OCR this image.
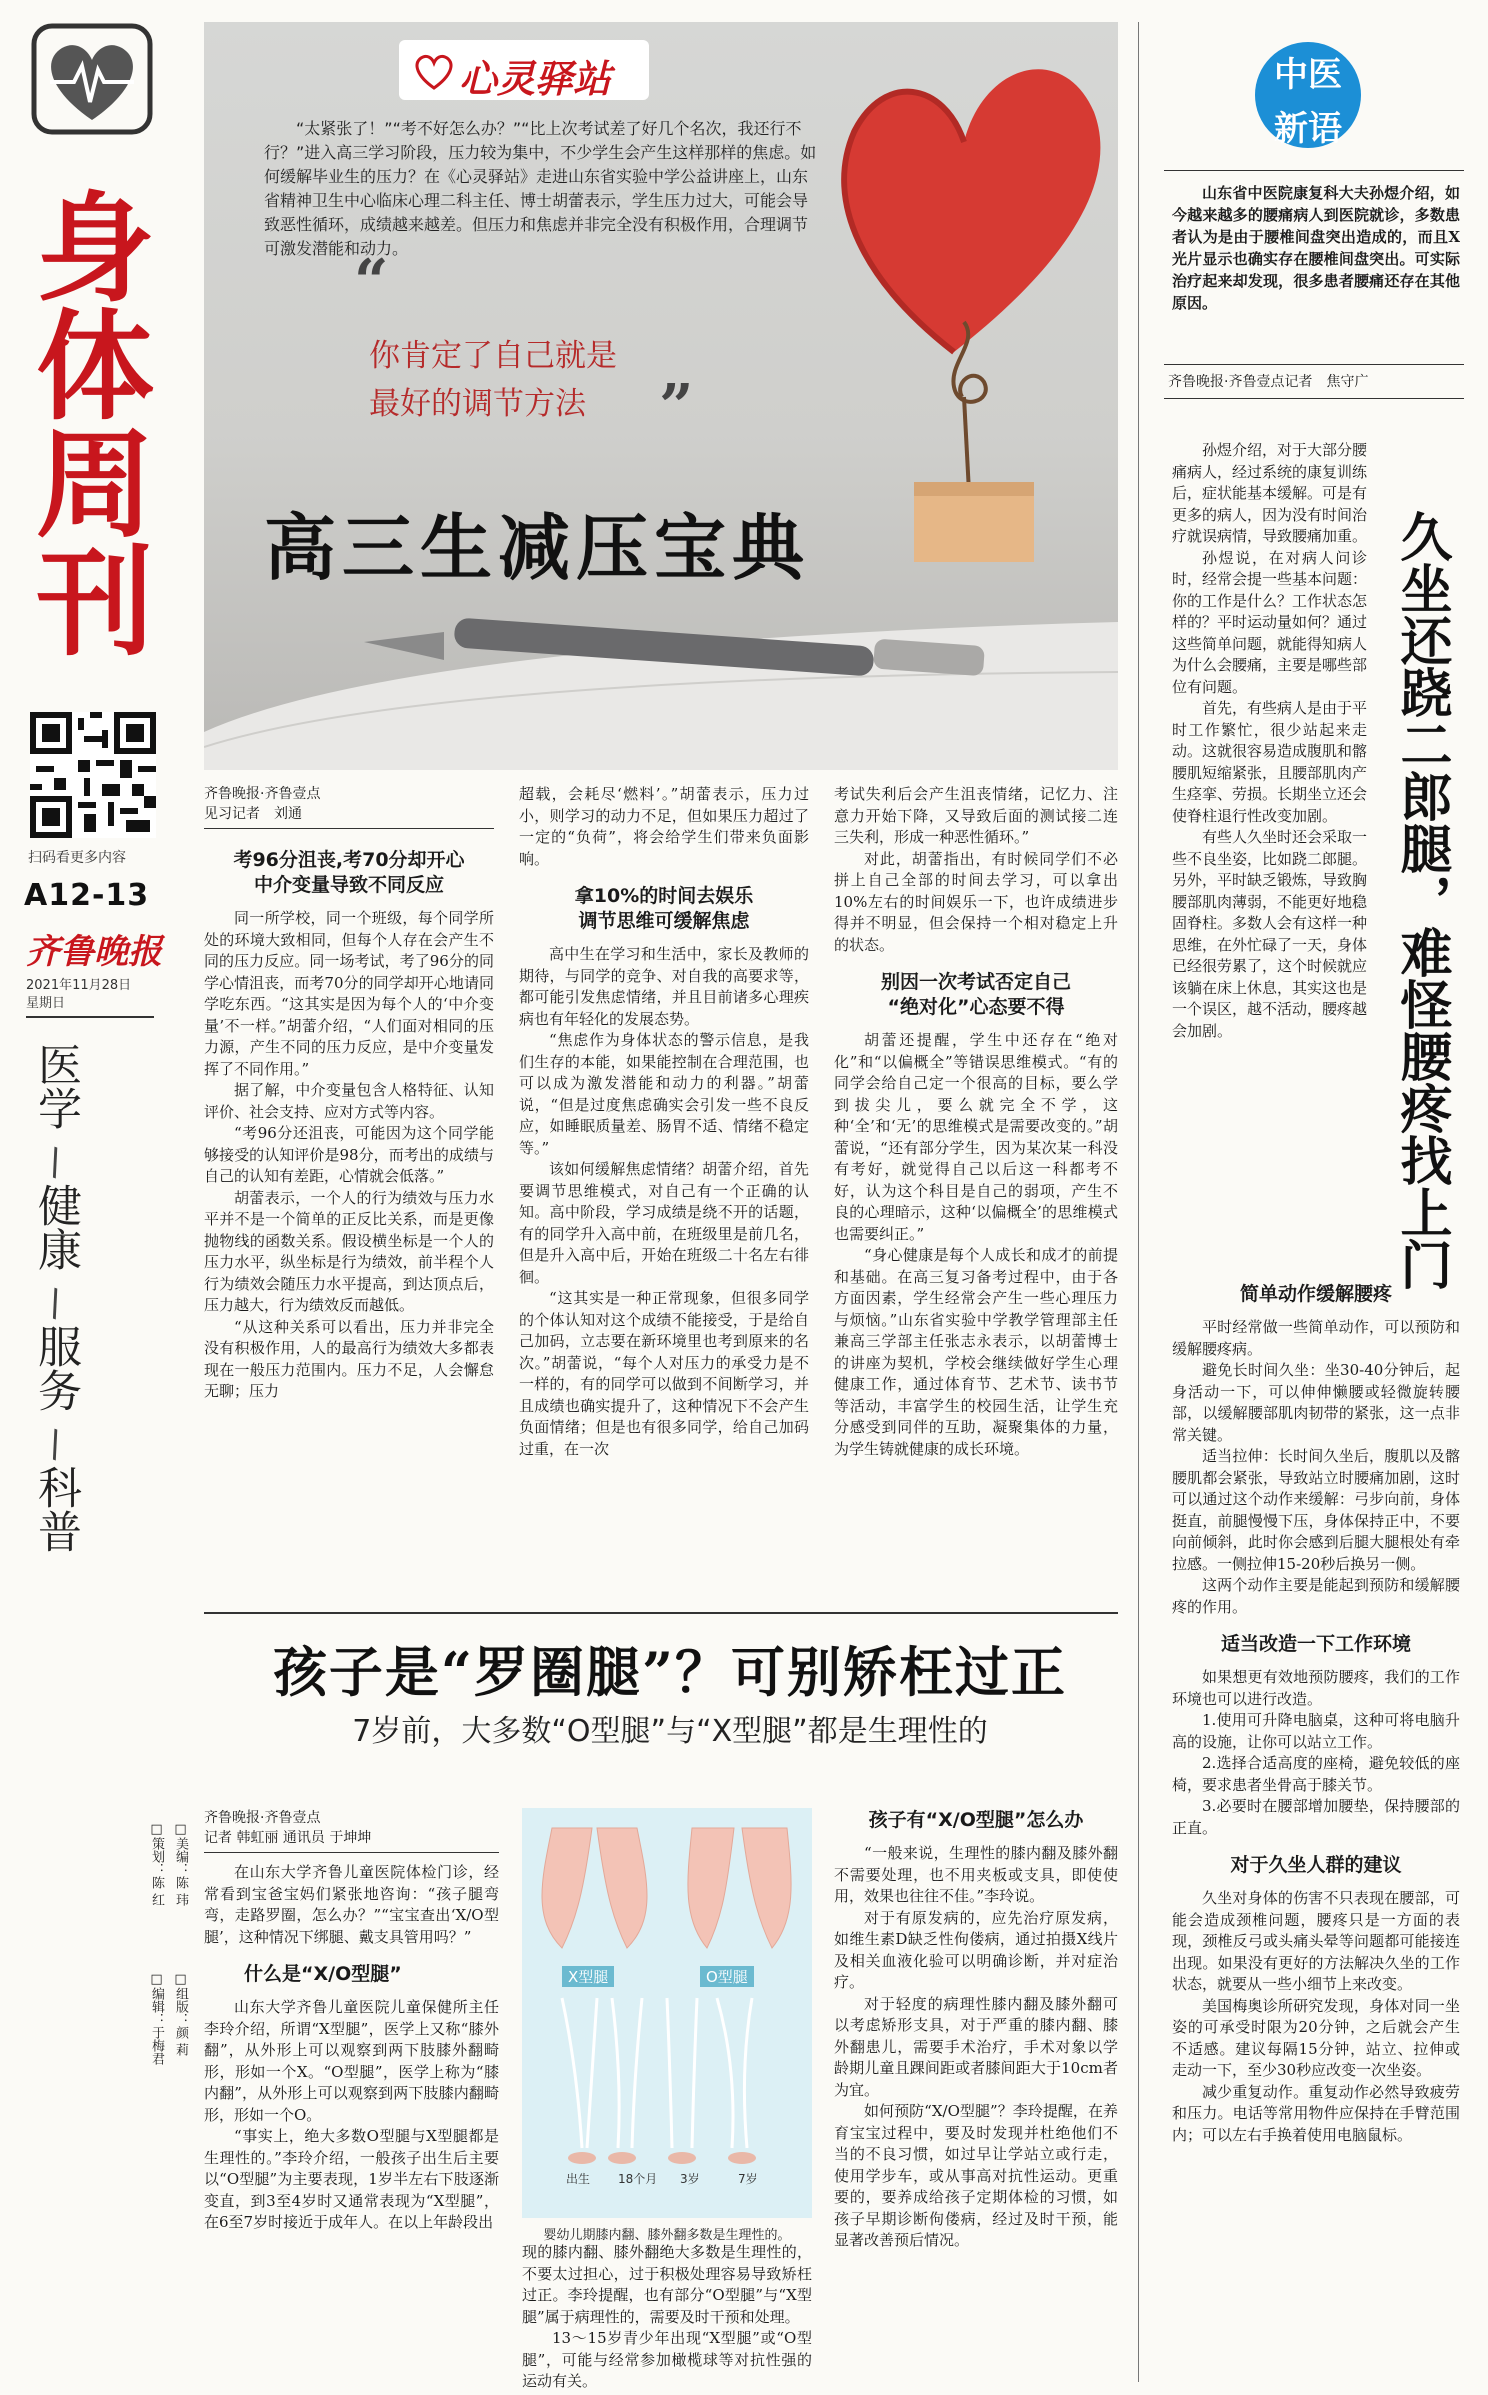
身体周刊
扫码看更多内容
A12-13
齐鲁晚报
2021年11月28日
星期日
医学
\
健康
\
服务
\
科普
□美编：陈 玮
□组版：颜 莉
□策划：陈 红
□编辑：于梅君
心灵驿站
“太紧张了！”“考不好怎么办？”“比上次考试差了好几个名次，我还行不行？”进入高三学习阶段，压力较为集中，不少学生会产生这样那样的焦虑。如何缓解毕业生的压力？在《心灵驿站》走进山东省实验中学公益讲座上，山东省精神卫生中心临床心理二科主任、博士胡蕾表示，学生压力过大，可能会导致恶性循环，成绩越来越差。但压力和焦虑并非完全没有积极作用，合理调节可激发潜能和动力。
“
你肯定了自己就是
最好的调节方法	”
高三生减压宝典
齐鲁晚报·齐鲁壹点
见习记者　刘通
考96分沮丧,考70分却开心
中介变量导致不同反应

同一所学校，同一个班级，每个同学所处的环境大致相同，但每个人存在会产生不同的压力反应。同一场考试，考了96分的同学心情沮丧，而考70分的同学却开心地请同学吃东西。“这其实是因为每个人的‘中介变量’不一样。”胡蕾介绍，“人们面对相同的压力源，产生不同的压力反应，是中介变量发挥了不同作用。”

据了解，中介变量包含人格特征、认知评价、社会支持、应对方式等内容。

“考96分还沮丧，可能因为这个同学能够接受的认知评价是98分，而考出的成绩与自己的认知有差距，心情就会低落。”

胡蕾表示，一个人的行为绩效与压力水平并不是一个简单的正反比关系，而是更像抛物线的函数关系。假设横坐标是一个人的压力水平，纵坐标是行为绩效，前半程个人行为绩效会随压力水平提高，到达顶点后，压力越大，行为绩效反而越低。

“从这种关系可以看出，压力并非完全没有积极作用，人的最高行为绩效大多都表现在一般压力范围内。压力不足，人会懈怠无聊；压力

超载，会耗尽‘燃料’。”胡蕾表示，压力过小，则学习的动力不足，但如果压力超过了一定的“负荷”，将会给学生们带来负面影响。

拿10%的时间去娱乐
调节思维可缓解焦虑

高中生在学习和生活中，家长及教师的期待，与同学的竞争、对自我的高要求等，都可能引发焦虑情绪，并且目前诸多心理疾病也有年轻化的发展态势。

“焦虑作为身体状态的警示信息，是我们生存的本能，如果能控制在合理范围，也可以成为激发潜能和动力的利器。”胡蕾说，“但是过度焦虑确实会引发一些不良反应，如睡眠质量差、肠胃不适、情绪不稳定等。”

该如何缓解焦虑情绪？胡蕾介绍，首先要调节思维模式，对自己有一个正确的认知。高中阶段，学习成绩是绕不开的话题，有的同学升入高中前，在班级里是前几名，但是升入高中后，开始在班级二十名左右徘徊。

“这其实是一种正常现象，但很多同学的个体认知对这个成绩不能接受，于是给自己加码，立志要在新环境里也考到原来的名次。”胡蕾说，“每个人对压力的承受力是不一样的，有的同学可以做到不间断学习，并且成绩也确实提升了，这种情况下不会产生负面情绪；但是也有很多同学，给自己加码过重，在一次

考试失利后会产生沮丧情绪，记忆力、注意力开始下降，又导致后面的测试接二连三失利，形成一种恶性循环。”

对此，胡蕾指出，有时候同学们不必拼上自己全部的时间去学习，可以拿出10%左右的时间娱乐一下，也许成绩进步得并不明显，但会保持一个相对稳定上升的状态。

别因一次考试否定自己
“绝对化”心态要不得

胡蕾还提醒，学生中还存在“绝对化”和“以偏概全”等错误思维模式。“有的同学会给自己定一个很高的目标，要么学到拔尖儿，要么就完全不学，这种‘全’和‘无’的思维模式是需要改变的。”胡蕾说，“还有部分学生，因为某次某一科没有考好，就觉得自己以后这一科都考不好，认为这个科目是自己的弱项，产生不良的心理暗示，这种‘以偏概全’的思维模式也需要纠正。”

“身心健康是每个人成长和成才的前提和基础。在高三复习备考过程中，由于各方面因素，学生经常会产生一些心理压力与烦恼。”山东省实验中学教学管理部主任兼高三学部主任张志永表示，以胡蕾博士的讲座为契机，学校会继续做好学生心理健康工作，通过体育节、艺术节、读书节等活动，丰富学生的校园生活，让学生充分感受到同伴的互助，凝聚集体的力量，为学生铸就健康的成长环境。

孩子是“罗圈腿”？可别矫枉过正
7岁前，大多数“O型腿”与“X型腿”都是生理性的
齐鲁晚报·齐鲁壹点
记者 韩虹丽 通讯员 于坤坤

在山东大学齐鲁儿童医院体检门诊，经常看到宝爸宝妈们紧张地咨询：“孩子腿弯弯，走路罗圈，怎么办？”“宝宝查出‘X/O型腿’，这种情况下绑腿、戴支具管用吗？”

什么是“X/O型腿”

山东大学齐鲁儿童医院儿童保健所主任李玲介绍，所谓“X型腿”，医学上又称“膝外翻”，从外形上可以观察到两下肢膝外翻畸形，形如一个X。“O型腿”，医学上称为“膝内翻”，从外形上可以观察到两下肢膝内翻畸形，形如一个O。

“事实上，绝大多数O型腿与X型腿都是生理性的。”李玲介绍，一般孩子出生后主要以“O型腿”为主要表现，1岁半左右下肢逐渐变直，到3至4岁时又通常表现为“X型腿”，在6至7岁时接近于成年人。在以上年龄段出

X型腿	O型腿
出生 18个月 3岁	7岁
婴幼儿期膝内翻、膝外翻多数是生理性的。

现的膝内翻、膝外翻绝大多数是生理性的，不要太过担心，过于积极处理容易导致矫枉过正。李玲提醒，也有部分“O型腿”与“X型腿”属于病理性的，需要及时干预和处理。

13～15岁青少年出现“X型腿”或“O型腿”，可能与经常参加橄榄球等对抗性强的运动有关。

孩子有“X/O型腿”怎么办

“一般来说，生理性的膝内翻及膝外翻不需要处理，也不用夹板或支具，即使使用，效果也往往不佳。”李玲说。

对于有原发病的，应先治疗原发病，如维生素D缺乏性佝偻病，通过拍摄X线片及相关血液化验可以明确诊断，并对症治疗。

对于轻度的病理性膝内翻及膝外翻可以考虑矫形支具，对于严重的膝内翻、膝外翻患儿，需要手术治疗，手术对象以学龄期儿童且踝间距或者膝间距大于10cm者为宜。

如何预防“X/O型腿”？李玲提醒，在养育宝宝过程中，要及时发现并杜绝他们不当的不良习惯，如过早让学站立或行走，使用学步车，或从事高对抗性运动。更重要的，要养成给孩子定期体检的习惯，如孩子早期诊断佝偻病，经过及时干预，能显著改善预后情况。

中医
新语

山东省中医院康复科大夫孙煜介绍，如今越来越多的腰痛病人到医院就诊，多数患者认为是由于腰椎间盘突出造成的，而且X光片显示也确实存在腰椎间盘突出。可实际治疗起来却发现，很多患者腰痛还存在其他原因。

齐鲁晚报·齐鲁壹点记者　焦守广
久坐还跷二郎腿，难怪腰疼找上门

孙煜介绍，对于大部分腰痛病人，经过系统的康复训练后，症状能基本缓解。可是有更多的病人，因为没有时间治疗就误病情，导致腰痛加重。

孙煜说，在对病人问诊时，经常会提一些基本问题：你的工作是什么？工作状态怎样的？平时运动量如何？通过这些简单问题，就能得知病人为什么会腰痛，主要是哪些部位有问题。

首先，有些病人是由于平时工作繁忙，很少站起来走动。这就很容易造成腹肌和髂腰肌短缩紧张，且腰部肌肉产生痉挛、劳损。长期坐立还会使脊柱退行性改变加剧。

有些人久坐时还会采取一些不良坐姿，比如跷二郎腿。另外，平时缺乏锻炼，导致胸腰部肌肉薄弱，不能更好地稳固脊柱。多数人会有这样一种思维，在外忙碌了一天，身体已经很劳累了，这个时候就应该躺在床上休息，其实这也是一个误区，越不活动，腰疼越会加剧。

简单动作缓解腰疼

平时经常做一些简单动作，可以预防和缓解腰疼病。

避免长时间久坐：坐30-40分钟后，起身活动一下，可以伸伸懒腰或轻微旋转腰部，以缓解腰部肌肉韧带的紧张，这一点非常关键。

适当拉伸：长时间久坐后，腹肌以及髂腰肌都会紧张，导致站立时腰痛加剧，这时可以通过这个动作来缓解：弓步向前，身体挺直，前腿慢慢下压，身体保持正中，不要向前倾斜，此时你会感到后腿大腿根处有牵拉感。一侧拉伸15-20秒后换另一侧。

这两个动作主要是能起到预防和缓解腰疼的作用。

适当改造一下工作环境

如果想更有效地预防腰疼，我们的工作环境也可以进行改造。

1.使用可升降电脑桌，这种可将电脑升高的设施，让你可以站立工作。

2.选择合适高度的座椅，避免较低的座椅，要求患者坐骨高于膝关节。

3.必要时在腰部增加腰垫，保持腰部的正直。

对于久坐人群的建议

久坐对身体的伤害不只表现在腰部，可能会造成颈椎问题，腰疼只是一方面的表现，颈椎反弓或头痛头晕等问题都可能接连出现。如果没有更好的方法解决久坐的工作状态，就要从一些小细节上来改变。

美国梅奥诊所研究发现，身体对同一坐姿的可承受时限为20分钟，之后就会产生不适感。建议每隔15分钟，站立、拉伸或走动一下，至少30秒应改变一次坐姿。

减少重复动作。重复动作必然导致疲劳和压力。电话等常用物件应保持在手臂范围内；可以左右手换着使用电脑鼠标。
